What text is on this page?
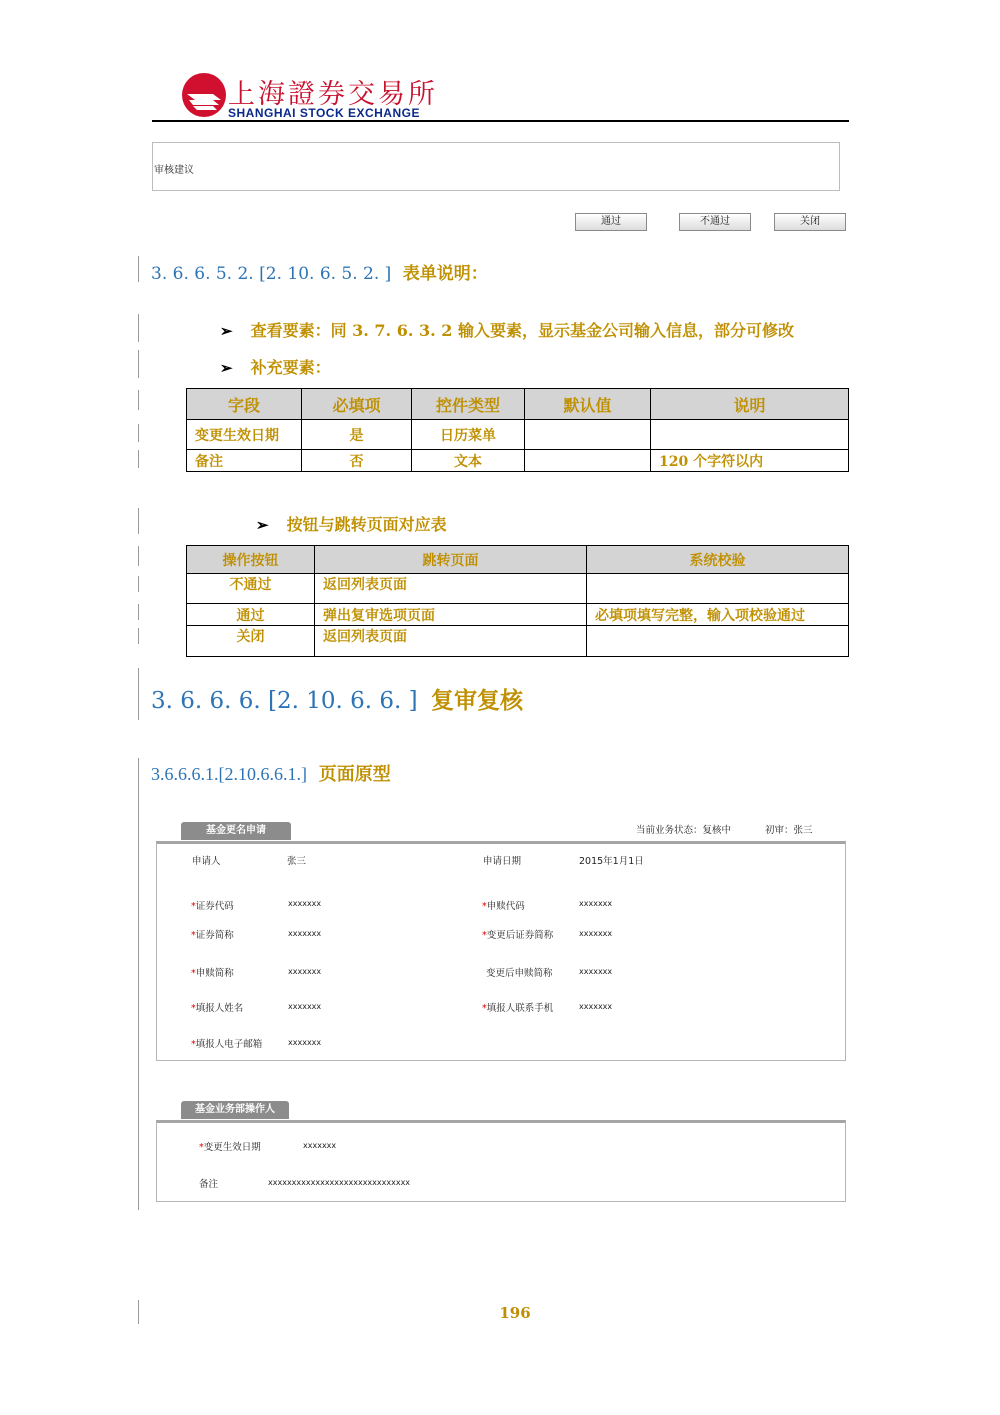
上海證券交易所
SHANGHAI STOCK EXCHANGE
审核建议
通过	不通过	关闭
3. 6. 6. 5. 2. [2. 10. 6. 5. 2. ] 表单说明：
➢ 查看要素：同 3. 7. 6. 3. 2 输入要素，显示基金公司输入信息，部分可修改
➢ 补充要素：
字段	必填项	控件类型	默认值	说明
变更生效日期	是	日历菜单		
备注	否	文本		120 个字符以内
➢ 按钮与跳转页面对应表
操作按钮	跳转页面	系统校验
不通过	返回列表页面	
通过	弹出复审选项页面	必填项填写完整，输入项校验通过
关闭	返回列表页面	
3. 6. 6. 6. [2. 10. 6. 6. ] 复审复核
3.6.6.6.1.[2.10.6.6.1.] 页面原型
基金更名申请	当前业务状态：复核中	初审：张三
申请人	张三	申请日期	2015年1月1日
*证券代码	xxxxxxx	*申赎代码	xxxxxxx
*证券简称	xxxxxxx	*变更后证券简称	xxxxxxx
*申赎简称	xxxxxxx	变更后申赎简称	xxxxxxx
*填报人姓名	xxxxxxx	*填报人联系手机	xxxxxxx
*填报人电子邮箱	xxxxxxx
基金业务部操作人
*变更生效日期	xxxxxxx
备注	xxxxxxxxxxxxxxxxxxxxxxxxxxxxxx
196
